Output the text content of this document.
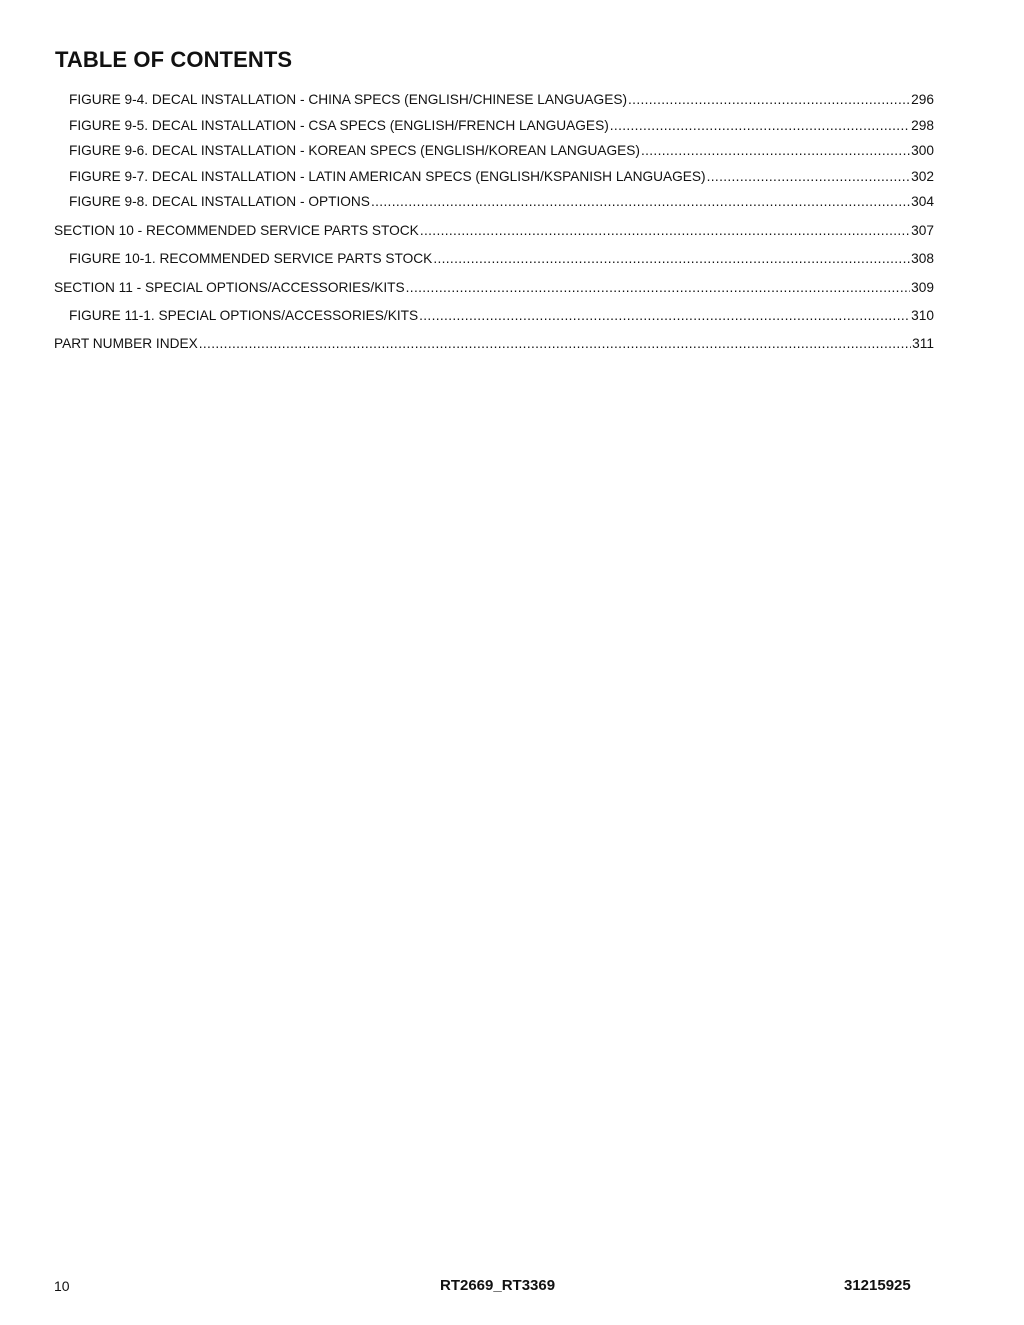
TABLE OF CONTENTS
FIGURE 9-4. DECAL INSTALLATION - CHINA SPECS (ENGLISH/CHINESE LANGUAGES) .....	296
FIGURE 9-5. DECAL INSTALLATION - CSA SPECS (ENGLISH/FRENCH LANGUAGES) .....	298
FIGURE 9-6. DECAL INSTALLATION - KOREAN SPECS (ENGLISH/KOREAN LANGUAGES) .....	300
FIGURE 9-7. DECAL INSTALLATION - LATIN AMERICAN SPECS (ENGLISH/KSPANISH LANGUAGES) .....	302
FIGURE 9-8. DECAL INSTALLATION - OPTIONS .....	304
SECTION 10 - RECOMMENDED SERVICE PARTS STOCK .....	307
FIGURE 10-1. RECOMMENDED SERVICE PARTS STOCK .....	308
SECTION 11 - SPECIAL OPTIONS/ACCESSORIES/KITS .....	309
FIGURE 11-1. SPECIAL OPTIONS/ACCESSORIES/KITS .....	310
PART NUMBER INDEX .....	311
10	RT2669_RT3369	31215925
